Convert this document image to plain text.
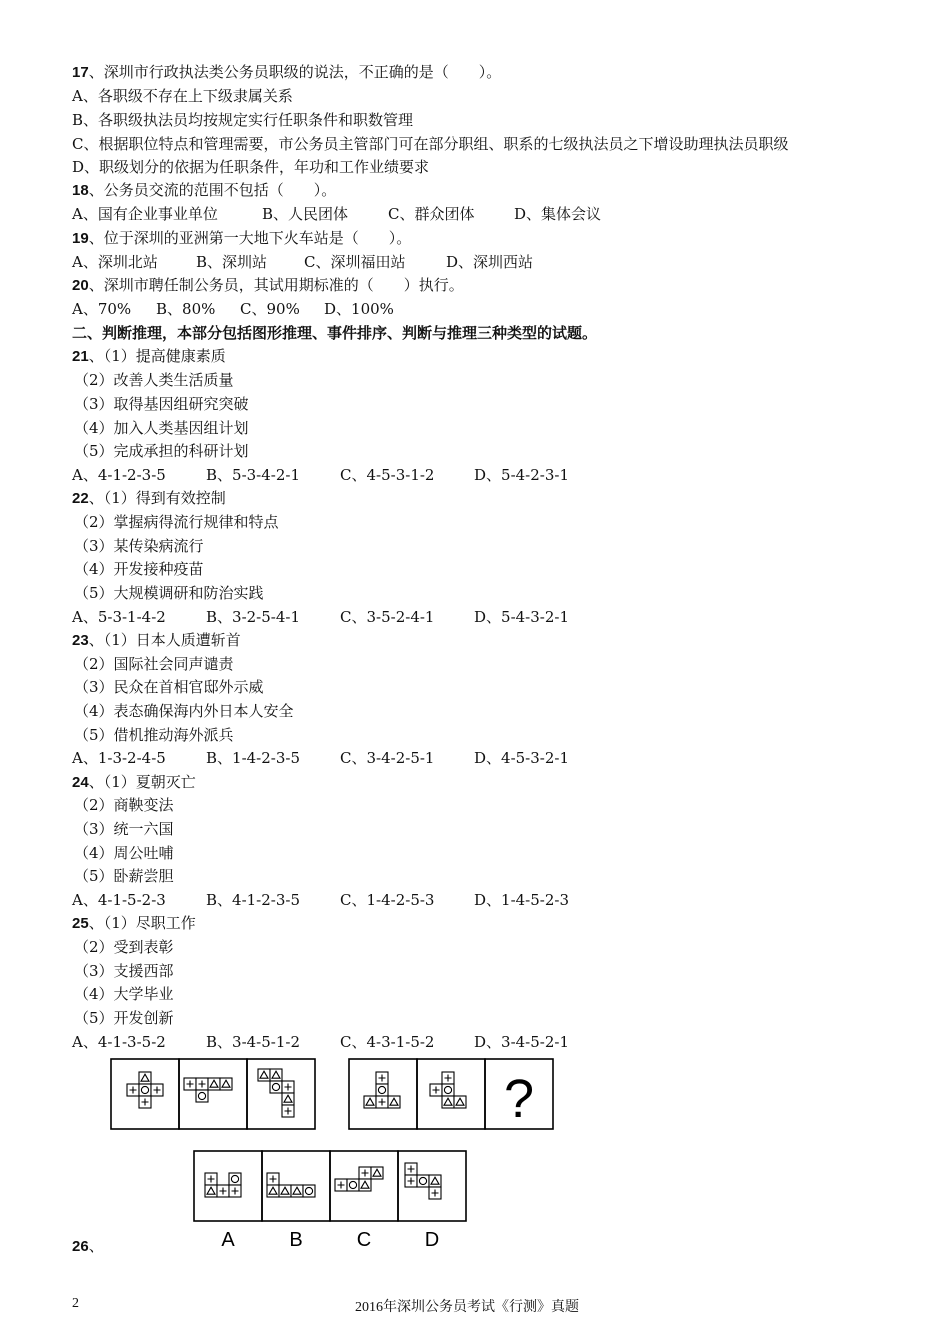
17、深圳市行政执法类公务员职级的说法，不正确的是（　　）。
A、各职级不存在上下级隶属关系
B、各职级执法员均按规定实行任职条件和职数管理
C、根据职位特点和管理需要，市公务员主管部门可在部分职组、职系的七级执法员之下增设助理执法员职级
D、职级划分的依据为任职条件，年功和工作业绩要求
18、公务员交流的范围不包括（　　）。
A、国有企业事业单位	B、人民团体	C、群众团体	D、集体会议
19、位于深圳的亚洲第一大地下火车站是（　　）。
A、深圳北站	B、深圳站 C、深圳福田站	D、深圳西站
20、深圳市聘任制公务员，其试用期标准的（　　）执行。
A、70% B、80% C、90% D、100%
二、判断推理，本部分包括图形推理、事件排序、判断与推理三种类型的试题。
21、（1）提高健康素质
（2）改善人类生活质量
（3）取得基因组研究突破
（4）加入人类基因组计划
（5）完成承担的科研计划
A、4-1-2-3-5	B、5-3-4-2-1	C、4-5-3-1-2	D、5-4-2-3-1
22、（1）得到有效控制
（2）掌握病得流行规律和特点
（3）某传染病流行
（4）开发接种疫苗
（5）大规模调研和防治实践
A、5-3-1-4-2	B、3-2-5-4-1	C、3-5-2-4-1	D、5-4-3-2-1
23、（1）日本人质遭斩首
（2）国际社会同声谴责
（3）民众在首相官邸外示威
（4）表态确保海内外日本人安全
（5）借机推动海外派兵
A、1-3-2-4-5	B、1-4-2-3-5	C、3-4-2-5-1	D、4-5-3-2-1
24、（1）夏朝灭亡
（2）商鞅变法
（3）统一六国
（4）周公吐哺
（5）卧薪尝胆
A、4-1-5-2-3	B、4-1-2-3-5	C、1-4-2-5-3	D、1-4-5-2-3
25、（1）尽职工作
（2）受到表彰
（3）支援西部
（4）大学毕业
（5）开发创新
A、4-1-3-5-2	B、3-4-5-1-2	C、4-3-1-5-2	D、3-4-5-2-1
?
A	B	C	D
26、
2	2016年深圳公务员考试《行测》真题
